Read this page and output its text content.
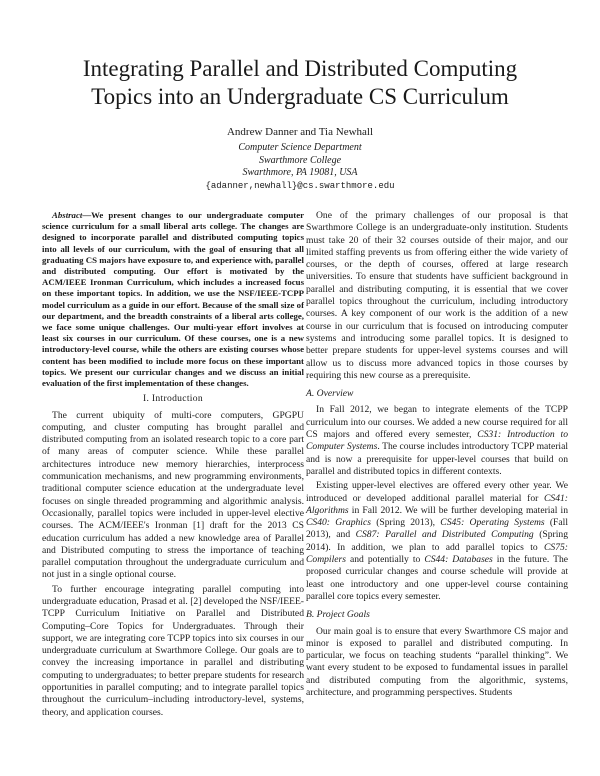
Integrating Parallel and Distributed Computing
Topics into an Undergraduate CS Curriculum
Andrew Danner and Tia Newhall
Computer Science Department
Swarthmore College
Swarthmore, PA 19081, USA
{adanner,newhall}@cs.swarthmore.edu

Abstract—We present changes to our undergraduate computer science curriculum for a small liberal arts college. The changes are designed to incorporate parallel and distributed computing topics into all levels of our curriculum, with the goal of ensuring that all graduating CS majors have exposure to, and experience with, parallel and distributed computing. Our effort is motivated by the ACM/IEEE Ironman Curriculum, which includes a increased focus on these important topics. In addition, we use the NSF/IEEE-TCPP model curriculum as a guide in our effort. Because of the small size of our department, and the breadth constraints of a liberal arts college, we face some unique challenges. Our multi-year effort involves at least six courses in our curriculum. Of these courses, one is a new introductory-level course, while the others are existing courses whose content has been modified to include more focus on these important topics. We present our curricular changes and we discuss an initial evaluation of the first implementation of these changes.

I. Introduction

The current ubiquity of multi-core computers, GPGPU computing, and cluster computing has brought parallel and distributed computing from an isolated research topic to a core part of many areas of computer science. While these parallel architectures introduce new memory hierarchies, interprocess communication mechanisms, and new programming environments, traditional computer science education at the undergraduate level focuses on single threaded programming and algorithmic analysis. Occasionally, parallel topics were included in upper-level elective courses. The ACM/IEEE's Ironman [1] draft for the 2013 CS education curriculum has added a new knowledge area of Parallel and Distributed computing to stress the importance of teaching parallel computation throughout the undergraduate curriculum and not just in a single optional course.

To further encourage integrating parallel computing into undergraduate education, Prasad et al. [2] developed the NSF/IEEE-TCPP Curriculum Initiative on Parallel and Distributed Computing–Core Topics for Undergraduates. Through their support, we are integrating core TCPP topics into six courses in our undergraduate curriculum at Swarthmore College. Our goals are to convey the increasing importance in parallel and distributing computing to undergraduates; to better prepare students for research opportunities in parallel computing; and to integrate parallel topics throughout the curriculum–including introductory-level, systems, theory, and application courses.

One of the primary challenges of our proposal is that Swarthmore College is an undergraduate-only institution. Students must take 20 of their 32 courses outside of their major, and our limited staffing prevents us from offering either the wide variety of courses, or the depth of courses, offered at large research universities. To ensure that students have sufficient background in parallel and distributing computing, it is essential that we cover parallel topics throughout the curriculum, including introductory courses. A key component of our work is the addition of a new course in our curriculum that is focused on introducing computer systems and introducing some parallel topics. It is designed to better prepare students for upper-level systems courses and will allow us to discuss more advanced topics in those courses by requiring this new course as a prerequisite.

A. Overview

In Fall 2012, we began to integrate elements of the TCPP curriculum into our courses. We added a new course required for all CS majors and offered every semester, CS31: Introduction to Computer Systems. The course includes introductory TCPP material and is now a prerequisite for upper-level courses that build on parallel and distributed topics in different contexts.

Existing upper-level electives are offered every other year. We introduced or developed additional parallel material for CS41: Algorithms in Fall 2012. We will be further developing material in CS40: Graphics (Spring 2013), CS45: Operating Systems (Fall 2013), and CS87: Parallel and Distributed Computing (Spring 2014). In addition, we plan to add parallel topics to CS75: Compilers and potentially to CS44: Databases in the future. The proposed curricular changes and course schedule will provide at least one introductory and one upper-level course containing parallel core topics every semester.

B. Project Goals

Our main goal is to ensure that every Swarthmore CS major and minor is exposed to parallel and distributed computing. In particular, we focus on teaching students “parallel thinking”. We want every student to be exposed to fundamental issues in parallel and distributed computing from the algorithmic, systems, architecture, and programming perspectives. Students
